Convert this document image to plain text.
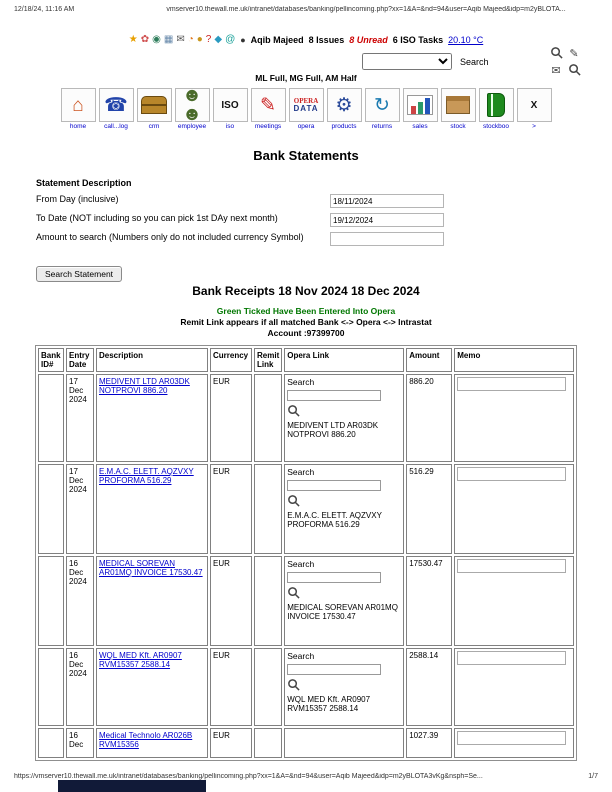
12/18/24, 11:16 AM	vmserver10.thewall.me.uk/intranet/databases/banking/pellincoming.php?xx=1&A=&nd=94&user=Aqib Majeed&idp=m2yBLOTA...
★ ✿ ◉ ▦ ✉ ◔ ● ? ◆ @ ● Aqib Majeed 8 Issues 8 Unread 6 ISO Tasks 20.10 °C
Search
✎
✉
ML Full, MG Full, AM Half
⌂
home
☎
call...log	crm
☻☻
employee
ISO
iso
✎
meetings
OPERA
DATA
opera
⚙
products
↻
returns	sales	stock	stockboo
X
>
Bank Statements
Statement Description
From Day (inclusive)
18/11/2024
To Date (NOT including so you can pick 1st DAy next month)
19/12/2024
Amount to search (Numbers only do not included currency Symbol)
Search Statement
Bank Receipts 18 Nov 2024 18 Dec 2024
Green Ticked Have Been Entered Into Opera
Remit Link appears if all matched Bank <-> Opera <-> Intrastat
Account :97399700
Bank ID#	Entry Date	Description	Currency	Remit Link	Opera Link	Amount	Memo
	17 Dec 2024	MEDIVENT LTD AR03DK NOTPROVI 886.20	EUR		Search
MEDIVENT LTD AR03DK NOTPROVI 886.20	886.20	
	17 Dec 2024	E.M.A.C. ELETT. AQZVXY PROFORMA 516.29	EUR		Search
E.M.A.C. ELETT. AQZVXY PROFORMA 516.29	516.29	
	16 Dec 2024	MEDICAL SOREVAN AR01MQ INVOICE 17530.47	EUR		Search
MEDICAL SOREVAN AR01MQ INVOICE 17530.47	17530.47	
	16 Dec 2024	WQL MED Kft. AR0907 RVM15357 2588.14	EUR		Search
WQL MED Kft. AR0907 RVM15357 2588.14	2588.14	
	16 Dec	Medical Technolo AR026B RVM15356	EUR			1027.39	
https://vmserver10.thewall.me.uk/intranet/databases/banking/pellincoming.php?xx=1&A=&nd=94&user=Aqib Majeed&idp=m2yBLOTA3vKg&nsph=Se...	1/7
